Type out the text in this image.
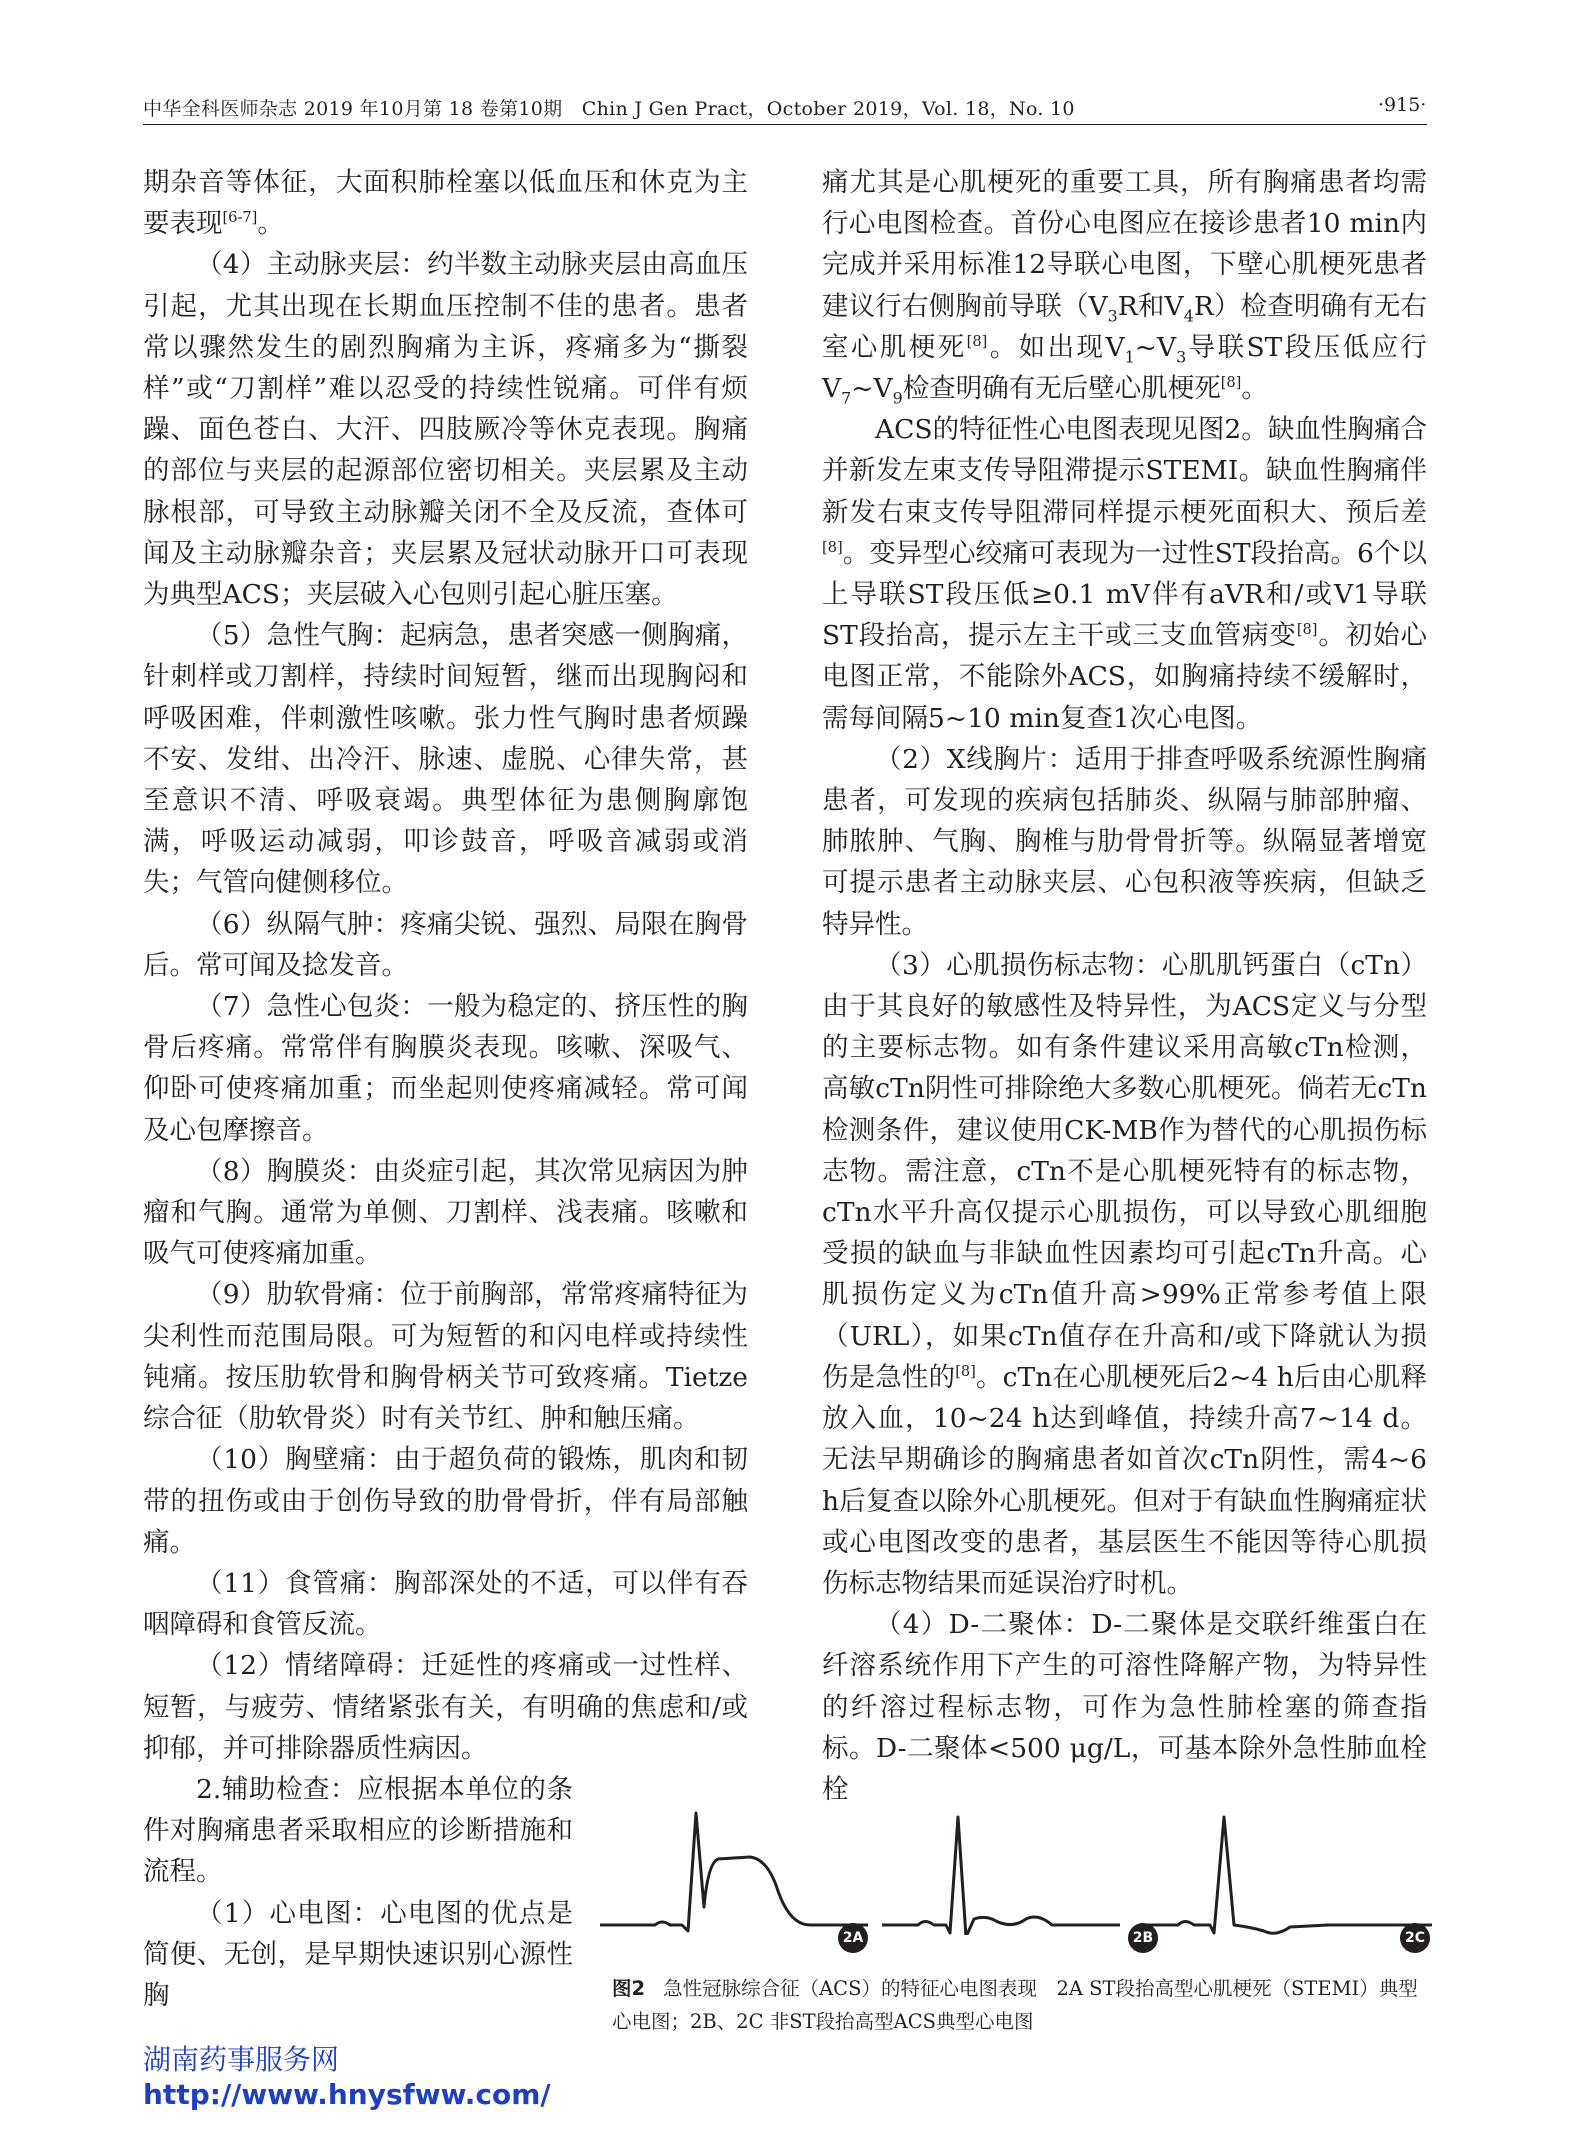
中华全科医师杂志 2019 年10月第 18 卷第10期　Chin J Gen Pract，October 2019，Vol. 18，No. 10	·915·

期杂音等体征，大面积肺栓塞以低血压和休克为主要表现[6-7]。

（4）主动脉夹层：约半数主动脉夹层由高血压引起，尤其出现在长期血压控制不佳的患者。患者常以骤然发生的剧烈胸痛为主诉，疼痛多为“撕裂样”或“刀割样”难以忍受的持续性锐痛。可伴有烦躁、面色苍白、大汗、四肢厥冷等休克表现。胸痛的部位与夹层的起源部位密切相关。夹层累及主动脉根部，可导致主动脉瓣关闭不全及反流，查体可闻及主动脉瓣杂音；夹层累及冠状动脉开口可表现为典型ACS；夹层破入心包则引起心脏压塞。

（5）急性气胸：起病急，患者突感一侧胸痛，针刺样或刀割样，持续时间短暂，继而出现胸闷和呼吸困难，伴刺激性咳嗽。张力性气胸时患者烦躁不安、发绀、出冷汗、脉速、虚脱、心律失常，甚至意识不清、呼吸衰竭。典型体征为患侧胸廓饱满，呼吸运动减弱，叩诊鼓音，呼吸音减弱或消失；气管向健侧移位。

（6）纵隔气肿：疼痛尖锐、强烈、局限在胸骨后。常可闻及捻发音。

（7）急性心包炎：一般为稳定的、挤压性的胸骨后疼痛。常常伴有胸膜炎表现。咳嗽、深吸气、仰卧可使疼痛加重；而坐起则使疼痛减轻。常可闻及心包摩擦音。

（8）胸膜炎：由炎症引起，其次常见病因为肿瘤和气胸。通常为单侧、刀割样、浅表痛。咳嗽和吸气可使疼痛加重。

（9）肋软骨痛：位于前胸部，常常疼痛特征为尖利性而范围局限。可为短暂的和闪电样或持续性钝痛。按压肋软骨和胸骨柄关节可致疼痛。Tietze综合征（肋软骨炎）时有关节红、肿和触压痛。

（10）胸壁痛：由于超负荷的锻炼，肌肉和韧带的扭伤或由于创伤导致的肋骨骨折，伴有局部触痛。

（11）食管痛：胸部深处的不适，可以伴有吞咽障碍和食管反流。

（12）情绪障碍：迁延性的疼痛或一过性样、短暂，与疲劳、情绪紧张有关，有明确的焦虑和/或抑郁，并可排除器质性病因。

2.辅助检查：应根据本单位的条件对胸痛患者采取相应的诊断措施和流程。

（1）心电图：心电图的优点是简便、无创，是早期快速识别心源性胸

痛尤其是心肌梗死的重要工具，所有胸痛患者均需行心电图检查。首份心电图应在接诊患者10 min内完成并采用标准12导联心电图，下壁心肌梗死患者建议行右侧胸前导联（$V_3R$和$V_4R$）检查明确有无右室心肌梗死[8]。如出现$V_1\sim V_3$导联ST段压低应行$V_7\sim V_9$检查明确有无后壁心肌梗死[8]。

ACS的特征性心电图表现见图2。缺血性胸痛合并新发左束支传导阻滞提示STEMI。缺血性胸痛伴新发右束支传导阻滞同样提示梗死面积大、预后差[8]。变异型心绞痛可表现为一过性ST段抬高。6个以上导联ST段压低≥0.1 mV伴有aVR和/或V1导联ST段抬高，提示左主干或三支血管病变[8]。初始心电图正常，不能除外ACS，如胸痛持续不缓解时，需每间隔5~10 min复查1次心电图。

（2）X线胸片：适用于排查呼吸系统源性胸痛患者，可发现的疾病包括肺炎、纵隔与肺部肿瘤、肺脓肿、气胸、胸椎与肋骨骨折等。纵隔显著增宽可提示患者主动脉夹层、心包积液等疾病，但缺乏特异性。

（3）心肌损伤标志物：心肌肌钙蛋白（cTn）由于其良好的敏感性及特异性，为ACS定义与分型的主要标志物。如有条件建议采用高敏cTn检测，高敏cTn阴性可排除绝大多数心肌梗死。倘若无cTn检测条件，建议使用CK-MB作为替代的心肌损伤标志物。需注意，cTn不是心肌梗死特有的标志物，cTn水平升高仅提示心肌损伤，可以导致心肌细胞受损的缺血与非缺血性因素均可引起cTn升高。心肌损伤定义为cTn值升高>99%正常参考值上限（URL），如果cTn值存在升高和/或下降就认为损伤是急性的[8]。cTn在心肌梗死后2~4 h后由心肌释放入血，10~24 h达到峰值，持续升高7~14 d。无法早期确诊的胸痛患者如首次cTn阴性，需4~6 h后复查以除外心肌梗死。但对于有缺血性胸痛症状或心电图改变的患者，基层医生不能因等待心肌损伤标志物结果而延误治疗时机。

（4）D-二聚体：D-二聚体是交联纤维蛋白在纤溶系统作用下产生的可溶性降解产物，为特异性的纤溶过程标志物，可作为急性肺栓塞的筛查指标。D-二聚体<500 μg/L，可基本除外急性肺血栓栓

2A	2B	2C
图2 急性冠脉综合征（ACS）的特征心电图表现　2A ST段抬高型心肌梗死（STEMI）典型心电图；2B、2C 非ST段抬高型ACS典型心电图
湖南药事服务网
http://www.hnysfww.com/
